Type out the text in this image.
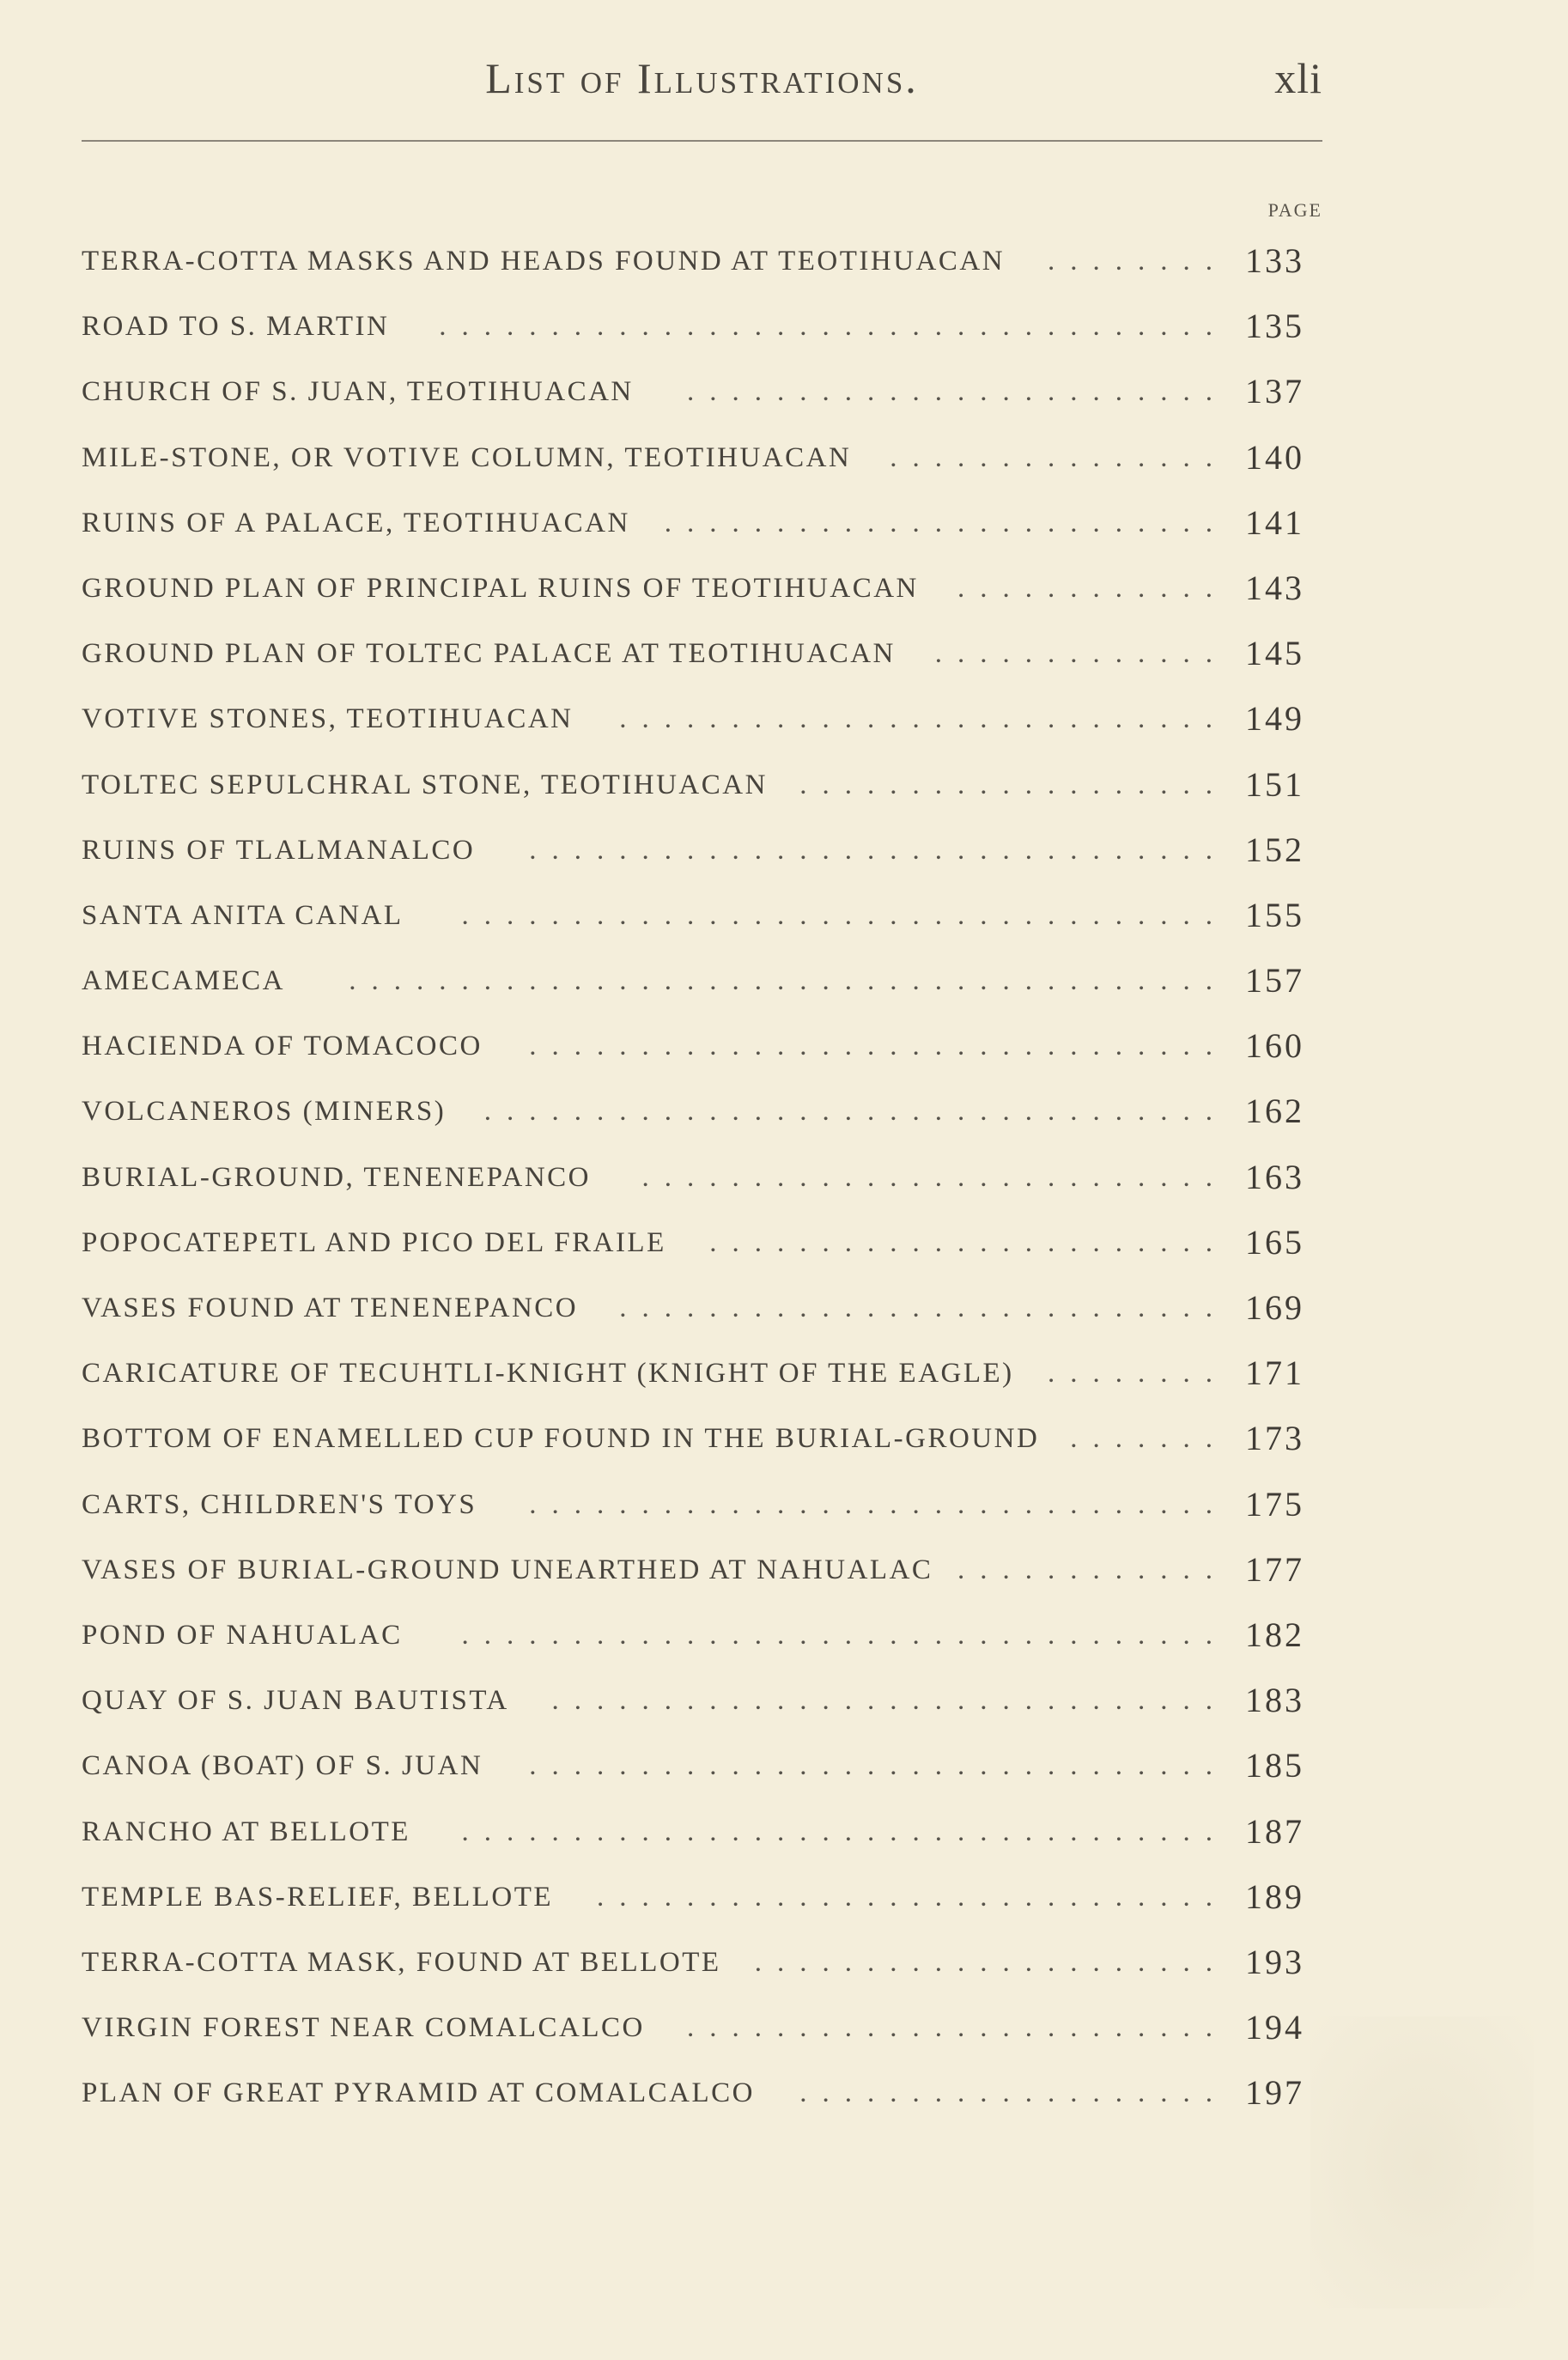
List of Illustrations.	xli
PAGE
TERRA-COTTA MASKS AND HEADS FOUND AT TEOTIHUACAN ........ 133
ROAD TO S. MARTIN ................................... 135
CHURCH OF S. JUAN, TEOTIHUACAN ........................ 137
MILE-STONE, OR VOTIVE COLUMN, TEOTIHUACAN ............... 140
RUINS OF A PALACE, TEOTIHUACAN ......................... 141
GROUND PLAN OF PRINCIPAL RUINS OF TEOTIHUACAN ............ 143
GROUND PLAN OF TOLTEC PALACE AT TEOTIHUACAN ............. 145
VOTIVE STONES, TEOTIHUACAN ........................... 149
TOLTEC SEPULCHRAL STONE, TEOTIHUACAN ................... 151
RUINS OF TLALMANALCO ............................... 152
SANTA ANITA CANAL .................................. 155
AMECAMECA ....................................... 157
HACIENDA OF TOMACOCO ............................... 160
VOLCANEROS (MINERS) ................................. 162
BURIAL-GROUND, TENENEPANCO .......................... 163
POPOCATEPETL AND PICO DEL FRAILE ....................... 165
VASES FOUND AT TENENEPANCO ........................... 169
CARICATURE OF TECUHTLI-KNIGHT (KNIGHT OF THE EAGLE) ........ 171
BOTTOM OF ENAMELLED CUP FOUND IN THE BURIAL-GROUND ....... 173
CARTS, CHILDREN'S TOYS ............................... 175
VASES OF BURIAL-GROUND UNEARTHED AT NAHUALAC ............ 177
POND OF NAHUALAC .................................. 182
QUAY OF S. JUAN BAUTISTA .............................. 183
CANOA (BOAT) OF S. JUAN ............................... 185
RANCHO AT BELLOTE .................................. 187
TEMPLE BAS-RELIEF, BELLOTE ............................ 189
TERRA-COTTA MASK, FOUND AT BELLOTE ..................... 193
VIRGIN FOREST NEAR COMALCALCO ........................ 194
PLAN OF GREAT PYRAMID AT COMALCALCO ................... 197
